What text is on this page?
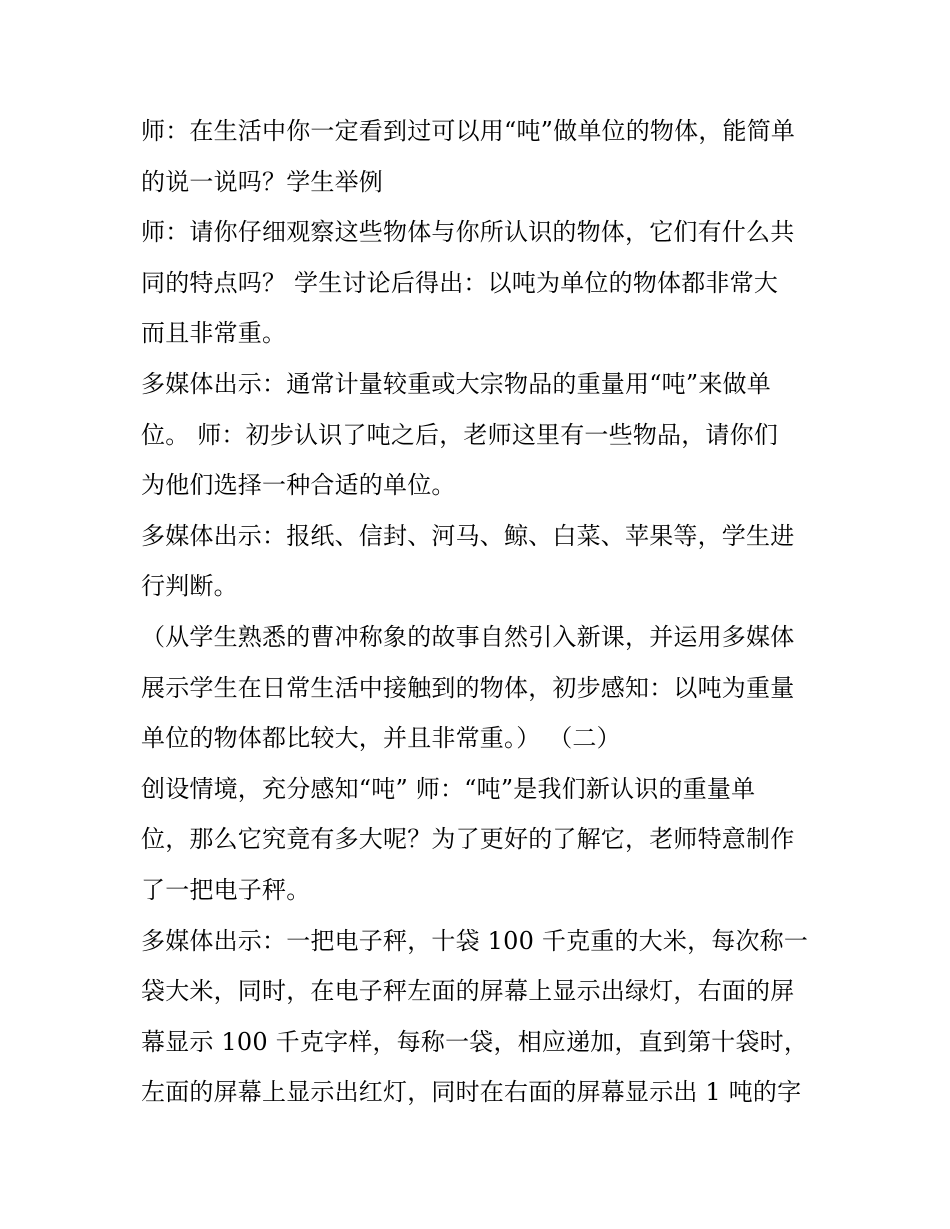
师：在生活中你一定看到过可以用“吨”做单位的物体，能简单
的说一说吗？学生举例
师：请你仔细观察这些物体与你所认识的物体，它们有什么共
同的特点吗？ 学生讨论后得出：以吨为单位的物体都非常大
而且非常重。
多媒体出示：通常计量较重或大宗物品的重量用“吨”来做单
位。 师：初步认识了吨之后，老师这里有一些物品，请你们
为他们选择一种合适的单位。
多媒体出示：报纸、信封、河马、鲸、白菜、苹果等，学生进
行判断。
（从学生熟悉的曹冲称象的故事自然引入新课，并运用多媒体
展示学生在日常生活中接触到的物体，初步感知：以吨为重量
单位的物体都比较大，并且非常重。） （二）
创设情境，充分感知“吨” 师：“吨”是我们新认识的重量单
位，那么它究竟有多大呢？为了更好的了解它，老师特意制作
了一把电子秤。
多媒体出示：一把电子秤，十袋 100 千克重的大米，每次称一
袋大米，同时，在电子秤左面的屏幕上显示出绿灯，右面的屏
幕显示 100 千克字样，每称一袋，相应递加，直到第十袋时，
左面的屏幕上显示出红灯，同时在右面的屏幕显示出 1 吨的字
